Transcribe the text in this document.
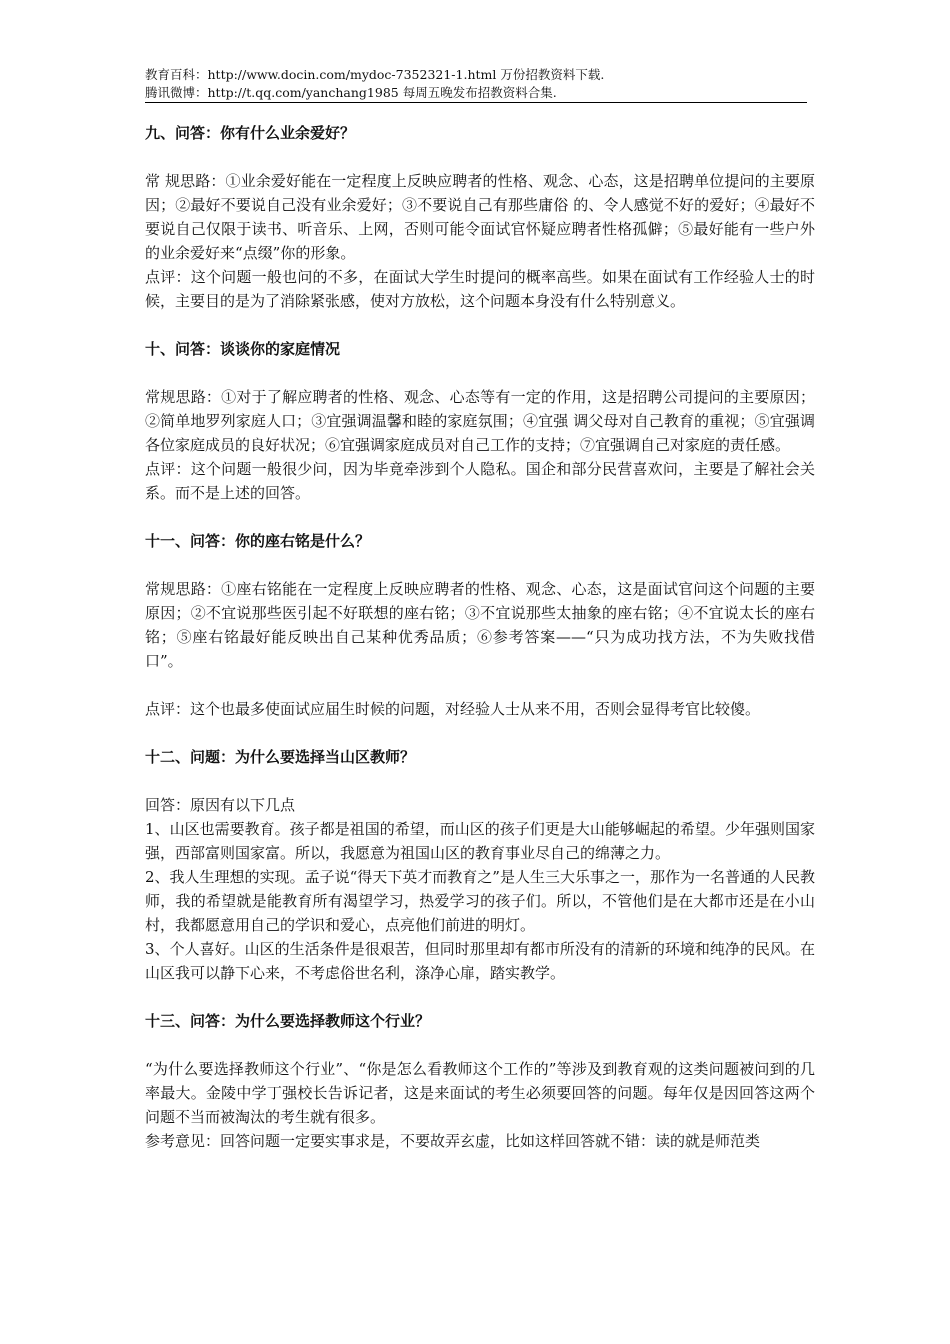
教育百科：http://www.docin.com/mydoc-7352321-1.html 万份招教资料下载.
腾讯微博：http://t.qq.com/yanchang1985 每周五晚发布招教资料合集.
九、问答：你有什么业余爱好？

常 规思路：①业余爱好能在一定程度上反映应聘者的性格、观念、心态，这是招聘单位提问的主要原因；②最好不要说自己没有业余爱好；③不要说自己有那些庸俗 的、令人感觉不好的爱好；④最好不要说自己仅限于读书、听音乐、上网，否则可能令面试官怀疑应聘者性格孤僻；⑤最好能有一些户外的业余爱好来“点缀”你的形象。

点评：这个问题一般也问的不多，在面试大学生时提问的概率高些。如果在面试有工作经验人士的时候，主要目的是为了消除紧张感，使对方放松，这个问题本身没有什么特别意义。

十、问答：谈谈你的家庭情况

常规思路：①对于了解应聘者的性格、观念、心态等有一定的作用，这是招聘公司提问的主要原因；②简单地罗列家庭人口；③宜强调温馨和睦的家庭氛围；④宜强 调父母对自己教育的重视；⑤宜强调各位家庭成员的良好状况；⑥宜强调家庭成员对自己工作的支持；⑦宜强调自己对家庭的责任感。

点评：这个问题一般很少问，因为毕竟牵涉到个人隐私。国企和部分民营喜欢问，主要是了解社会关系。而不是上述的回答。

十一、问答：你的座右铭是什么？

常规思路：①座右铭能在一定程度上反映应聘者的性格、观念、心态，这是面试官问这个问题的主要原因；②不宜说那些医引起不好联想的座右铭；③不宜说那些太抽象的座右铭；④不宜说太长的座右铭；⑤座右铭最好能反映出自己某种优秀品质；⑥参考答案——“只为成功找方法，不为失败找借口”。

点评：这个也最多使面试应届生时候的问题，对经验人士从来不用，否则会显得考官比较傻。

十二、问题：为什么要选择当山区教师？

回答：原因有以下几点

1、山区也需要教育。孩子都是祖国的希望，而山区的孩子们更是大山能够崛起的希望。少年强则国家强，西部富则国家富。所以，我愿意为祖国山区的教育事业尽自己的绵薄之力。

2、我人生理想的实现。孟子说“得天下英才而教育之”是人生三大乐事之一，那作为一名普通的人民教师，我的希望就是能教育所有渴望学习，热爱学习的孩子们。所以，不管他们是在大都市还是在小山村，我都愿意用自己的学识和爱心，点亮他们前进的明灯。

3、个人喜好。山区的生活条件是很艰苦，但同时那里却有都市所没有的清新的环境和纯净的民风。在山区我可以静下心来，不考虑俗世名利，涤净心扉，踏实教学。

十三、问答：为什么要选择教师这个行业？

“为什么要选择教师这个行业”、“你是怎么看教师这个工作的”等涉及到教育观的这类问题被问到的几率最大。金陵中学丁强校长告诉记者，这是来面试的考生必须要回答的问题。每年仅是因回答这两个问题不当而被淘汰的考生就有很多。

参考意见：回答问题一定要实事求是，不要故弄玄虚，比如这样回答就不错：读的就是师范类
